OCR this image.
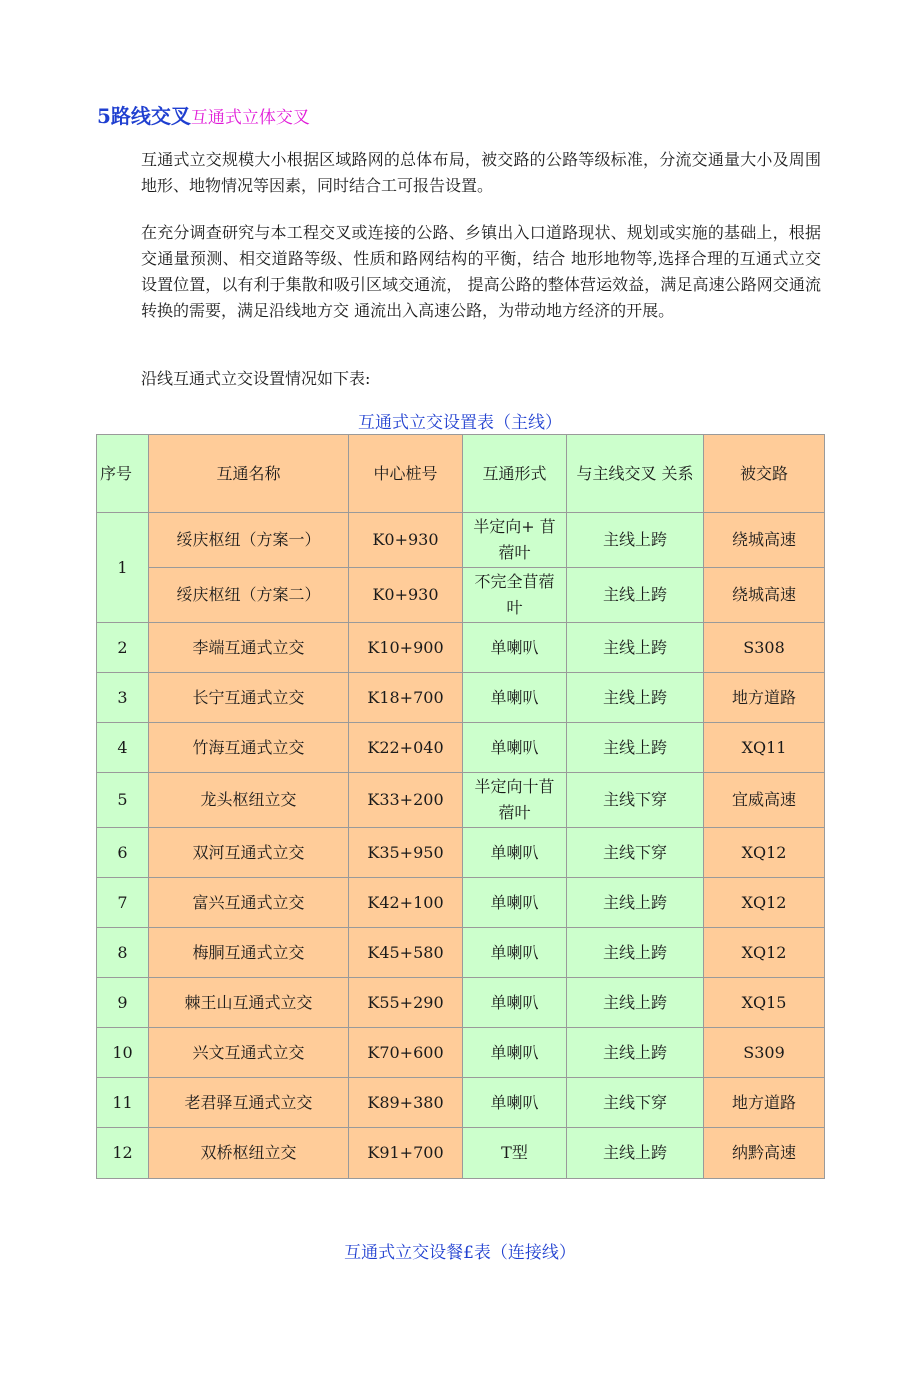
5路线交叉互通式立体交叉

互通式立交规模大小根据区域路网的总体布局，被交路的公路等级标准，分流交通量大小及周围地形、地物情况等因素，同时结合工可报告设置。

在充分调查研究与本工程交叉或连接的公路、乡镇出入口道路现状、规划或实施的基础上，根据交通量预测、相交道路等级、性质和路网结构的平衡，结合 地形地物等,选择合理的互通式立交设置位置，以有利于集散和吸引区域交通流， 提高公路的整体营运效益，满足高速公路网交通流转换的需要，满足沿线地方交 通流出入高速公路，为带动地方经济的开展。

沿线互通式立交设置情况如下表:

互通式立交设置表（主线）
序号	互通名称	中心桩号	互通形式	与主线交叉 关系	被交路
1	绥庆枢纽（方案一）	K0+930	半定向+ 苜蓿叶	主线上跨	绕城高速
	绥庆枢纽（方案二）	K0+930	不完全苜蓿叶	主线上跨	绕城高速
2	李端互通式立交	K10+900	单喇叭	主线上跨	S308
3	长宁互通式立交	K18+700	单喇叭	主线上跨	地方道路
4	竹海互通式立交	K22+040	单喇叭	主线上跨	XQ11
5	龙头枢纽立交	K33+200	半定向十苜蓿叶	主线下穿	宜威高速
6	双河互通式立交	K35+950	单喇叭	主线下穿	XQ12
7	富兴互通式立交	K42+100	单喇叭	主线上跨	XQ12
8	梅胴互通式立交	K45+580	单喇叭	主线上跨	XQ12
9	棘王山互通式立交	K55+290	单喇叭	主线上跨	XQ15
10	兴文互通式立交	K70+600	单喇叭	主线上跨	S309
11	老君驿互通式立交	K89+380	单喇叭	主线下穿	地方道路
12	双桥枢纽立交	K91+700	T型	主线上跨	纳黔高速
互通式立交设餐£表（连接线）
